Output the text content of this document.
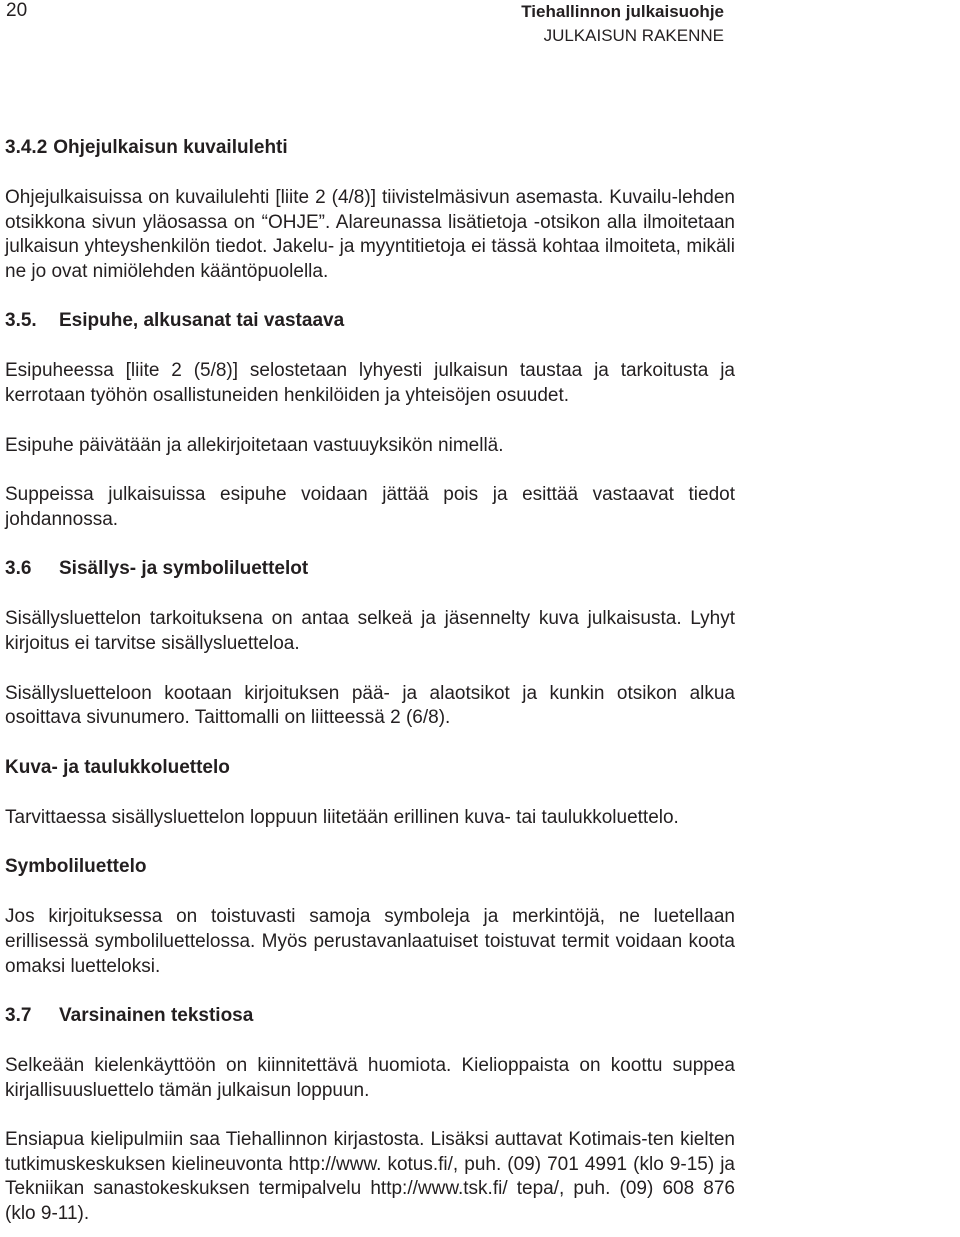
20	Tiehallinnon julkaisuohje
JULKAISUN RAKENNE
3.4.2 Ohjejulkaisun kuvailulehti

Ohjejulkaisuissa on kuvailulehti [liite 2 (4/8)] tiivistelmäsivun asemasta. Kuvailu-lehden otsikkona sivun yläosassa on “OHJE”. Alareunassa lisätietoja -otsikon alla ilmoitetaan julkaisun yhteyshenkilön tiedot. Jakelu- ja myyntitietoja ei tässä kohtaa ilmoiteta, mikäli ne jo ovat nimiölehden kääntöpuolella.

3.5. Esipuhe, alkusanat tai vastaava

Esipuheessa [liite 2 (5/8)] selostetaan lyhyesti julkaisun taustaa ja tarkoitusta ja kerrotaan työhön osallistuneiden henkilöiden ja yhteisöjen osuudet.

Esipuhe päivätään ja allekirjoitetaan vastuuyksikön nimellä.

Suppeissa julkaisuissa esipuhe voidaan jättää pois ja esittää vastaavat tiedot johdannossa.

3.6 Sisällys- ja symboliluettelot

Sisällysluettelon tarkoituksena on antaa selkeä ja jäsennelty kuva julkaisusta. Lyhyt kirjoitus ei tarvitse sisällysluetteloa.

Sisällysluetteloon kootaan kirjoituksen pää- ja alaotsikot ja kunkin otsikon alkua osoittava sivunumero. Taittomalli on liitteessä 2 (6/8).

Kuva- ja taulukkoluettelo

Tarvittaessa sisällysluettelon loppuun liitetään erillinen kuva- tai taulukkoluettelo.

Symboliluettelo

Jos kirjoituksessa on toistuvasti samoja symboleja ja merkintöjä, ne luetellaan erillisessä symboliluettelossa. Myös perustavanlaatuiset toistuvat termit voidaan koota omaksi luetteloksi.

3.7 Varsinainen tekstiosa

Selkeään kielenkäyttöön on kiinnitettävä huomiota. Kielioppaista on koottu suppea kirjallisuusluettelo tämän julkaisun loppuun.

Ensiapua kielipulmiin saa Tiehallinnon kirjastosta. Lisäksi auttavat Kotimais-ten kielten tutkimuskeskuksen kielineuvonta http://www. kotus.fi/, puh. (09) 701 4991 (klo 9-15) ja Tekniikan sanastokeskuksen termipalvelu http://www.tsk.fi/ tepa/, puh. (09) 608 876 (klo 9-11).
